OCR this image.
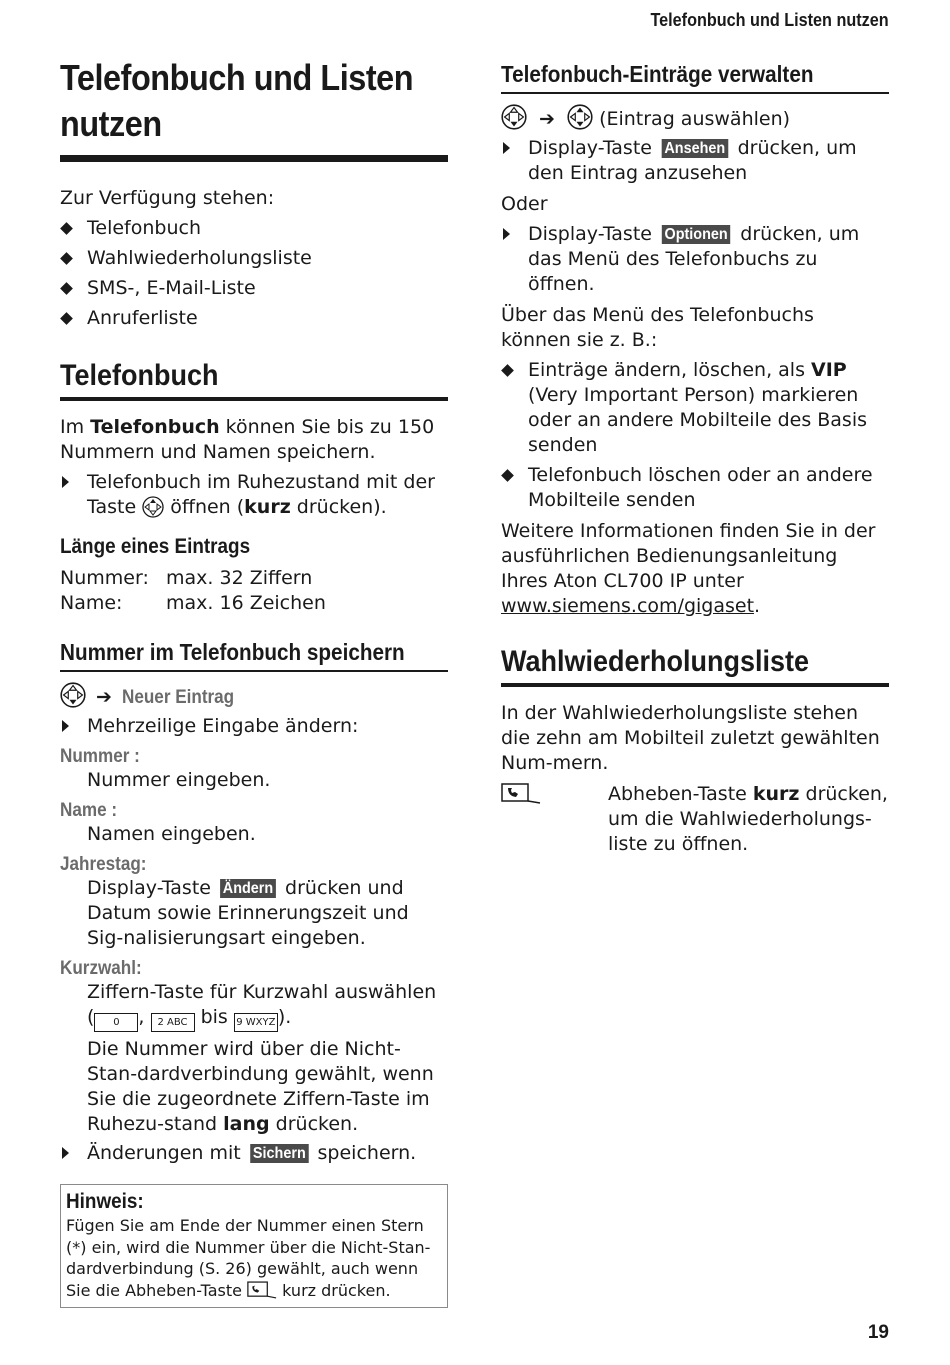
Telefonbuch und Listen nutzen
19
Telefonbuch und Listen nutzen
Zur Verfügung stehen:
Telefonbuch
Wahlwiederholungsliste
SMS-, E-Mail-Liste
Anruferliste
Telefonbuch
Im Telefonbuch können Sie bis zu 150 Nummern und Namen speichern.
Telefonbuch im Ruhezustand mit der Taste  öffnen (kurz drücken).
Länge eines Eintrags
Nummer: max. 32 Ziffern
Name:	max. 16 Zeichen
Nummer im Telefonbuch speichern
➔ Neuer Eintrag
Mehrzeilige Eingabe ändern:
Nummer :
Nummer eingeben.
Name :
Namen eingeben.
Jahrestag:
Display-Taste Ändern drücken und Datum sowie Erinnerungszeit und Sig-nalisierungsart eingeben.
Kurzwahl:
Ziffern-Taste für Kurzwahl auswählen
( 0 , 2 ABC bis 9 WXYZ ).
Die Nummer wird über die Nicht-Stan-dardverbindung gewählt, wenn Sie die zugeordnete Ziffern-Taste im Ruhezu-stand lang drücken.
Änderungen mit Sichern speichern.
Hinweis:
Fügen Sie am Ende der Nummer einen Stern (*) ein, wird die Nummer über die Nicht-Stan-dardverbindung (S. 26) gewählt, auch wenn Sie die Abheben-Taste  kurz drücken.
Telefonbuch-Einträge verwalten
➔ (Eintrag auswählen)
Display-Taste Ansehen drücken, um den Eintrag anzusehen
Oder
Display-Taste Optionen drücken, um das Menü des Telefonbuchs zu öffnen.
Über das Menü des Telefonbuchs können sie z. B.:
Einträge ändern, löschen, als VIP (Very Important Person) markieren oder an andere Mobilteile des Basis senden
Telefonbuch löschen oder an andere Mobilteile senden
Weitere Informationen finden Sie in der ausführlichen Bedienungsanleitung Ihres Aton CL700 IP unter www.siemens.com/gigaset.
Wahlwiederholungsliste
In der Wahlwiederholungsliste stehen die zehn am Mobilteil zuletzt gewählten Num-mern.
Abheben-Taste kurz drücken, um die Wahlwiederholungs-liste zu öffnen.
